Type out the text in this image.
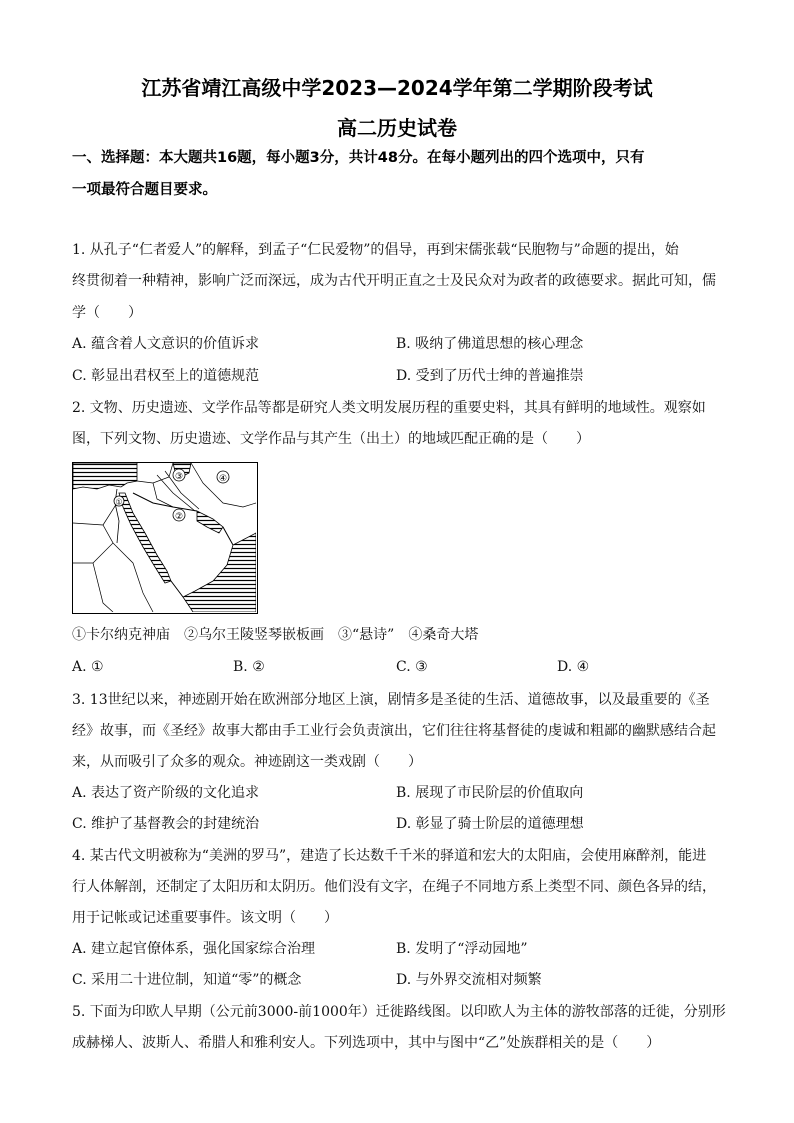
江苏省靖江高级中学2023—2024学年第二学期阶段考试
高二历史试卷
一、选择题：本大题共16题，每小题3分，共计48分。在每小题列出的四个选项中，只有
一项最符合题目要求。
1. 从孔子“仁者爱人”的解释，到孟子“仁民爱物”的倡导，再到宋儒张载“民胞物与”命题的提出，始
终贯彻着一种精神，影响广泛而深远，成为古代开明正直之士及民众对为政者的政德要求。据此可知，儒
学（　　）
A. 蕴含着人文意识的价值诉求	B. 吸纳了佛道思想的核心理念
C. 彰显出君权至上的道德规范	D. 受到了历代士绅的普遍推崇
2. 文物、历史遗迹、文学作品等都是研究人类文明发展历程的重要史料，其具有鲜明的地域性。观察如
图，下列文物、历史遗迹、文学作品与其产生（出土）的地域匹配正确的是（　　）
①
②
③	④
①卡尔纳克神庙　②乌尔王陵竖琴嵌板画　③“悬诗”　④桑奇大塔
A. ①	B. ②	C. ③	D. ④
3. 13世纪以来，神迹剧开始在欧洲部分地区上演，剧情多是圣徒的生活、道德故事，以及最重要的《圣
经》故事，而《圣经》故事大都由手工业行会负责演出，它们往往将基督徒的虔诚和粗鄙的幽默感结合起
来，从而吸引了众多的观众。神迹剧这一类戏剧（　　）
A. 表达了资产阶级的文化追求	B. 展现了市民阶层的价值取向
C. 维护了基督教会的封建统治	D. 彰显了骑士阶层的道德理想
4. 某古代文明被称为“美洲的罗马”，建造了长达数千千米的驿道和宏大的太阳庙，会使用麻醉剂，能进
行人体解剖，还制定了太阳历和太阴历。他们没有文字，在绳子不同地方系上类型不同、颜色各异的结，
用于记帐或记述重要事件。该文明（　　）
A. 建立起官僚体系，强化国家综合治理	B. 发明了“浮动园地”
C. 采用二十进位制，知道“零”的概念	D. 与外界交流相对频繁
5. 下面为印欧人早期（公元前3000-前1000年）迁徙路线图。以印欧人为主体的游牧部落的迁徙，分别形
成赫梯人、波斯人、希腊人和雅利安人。下列选项中，其中与图中“乙”处族群相关的是（　　）
